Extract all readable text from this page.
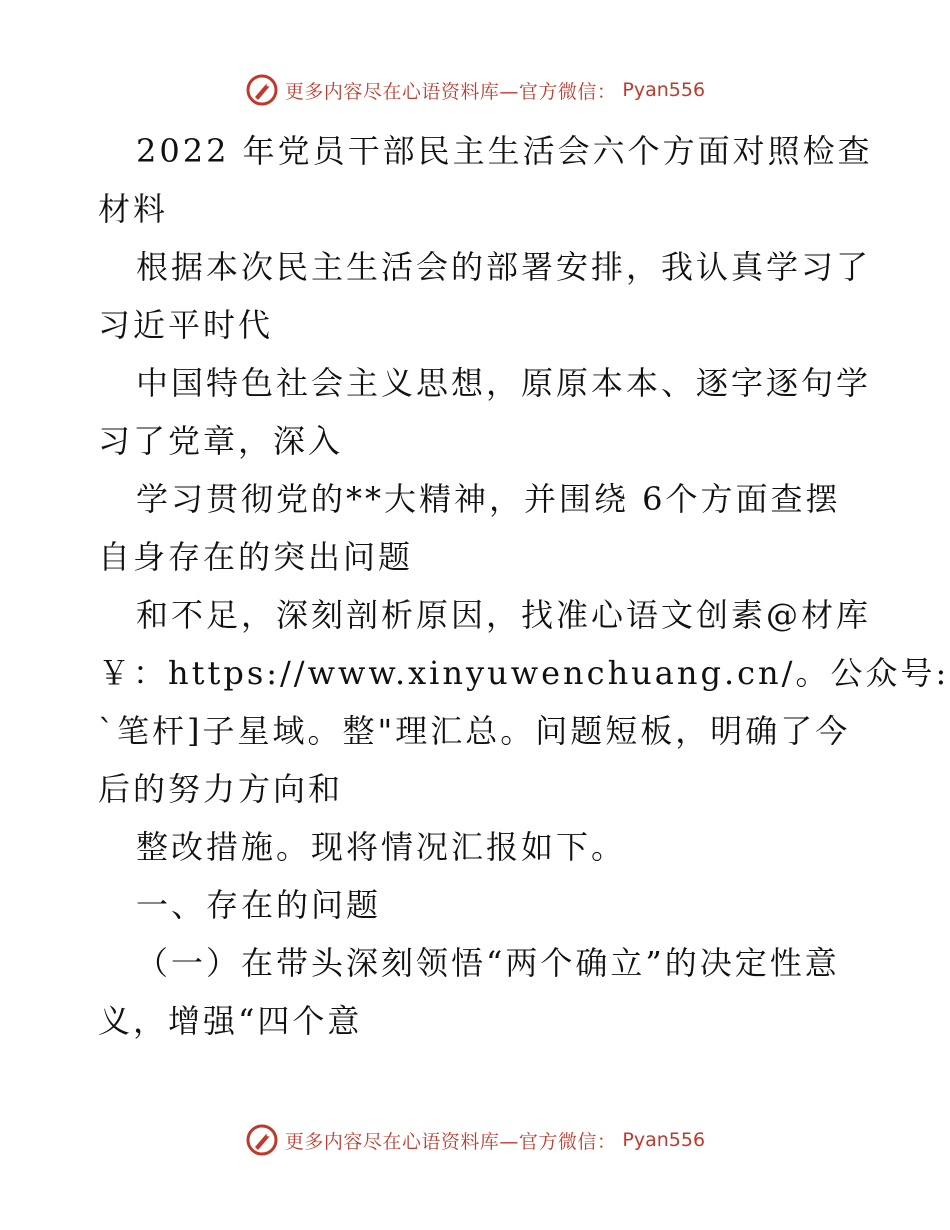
更多内容尽在心语资料库—官方微信： Pyan556
2022 年党员干部民主生活会六个方面对照检查
材料
根据本次民主生活会的部署安排，我认真学习了
习近平时代
中国特色社会主义思想，原原本本、逐字逐句学
习了党章，深入
学习贯彻党的**大精神，并围绕 6个方面查摆
自身存在的突出问题
和不足，深刻剖析原因，找准心语文创素@材库
￥：https://www.xinyuwenchuang.cn/。公众号:
`笔杆]子星域。整"理汇总。问题短板，明确了今
后的努力方向和
整改措施。现将情况汇报如下。
一、存在的问题
（一）在带头深刻领悟“两个确立”的决定性意
义，增强“四个意
更多内容尽在心语资料库—官方微信： Pyan556
